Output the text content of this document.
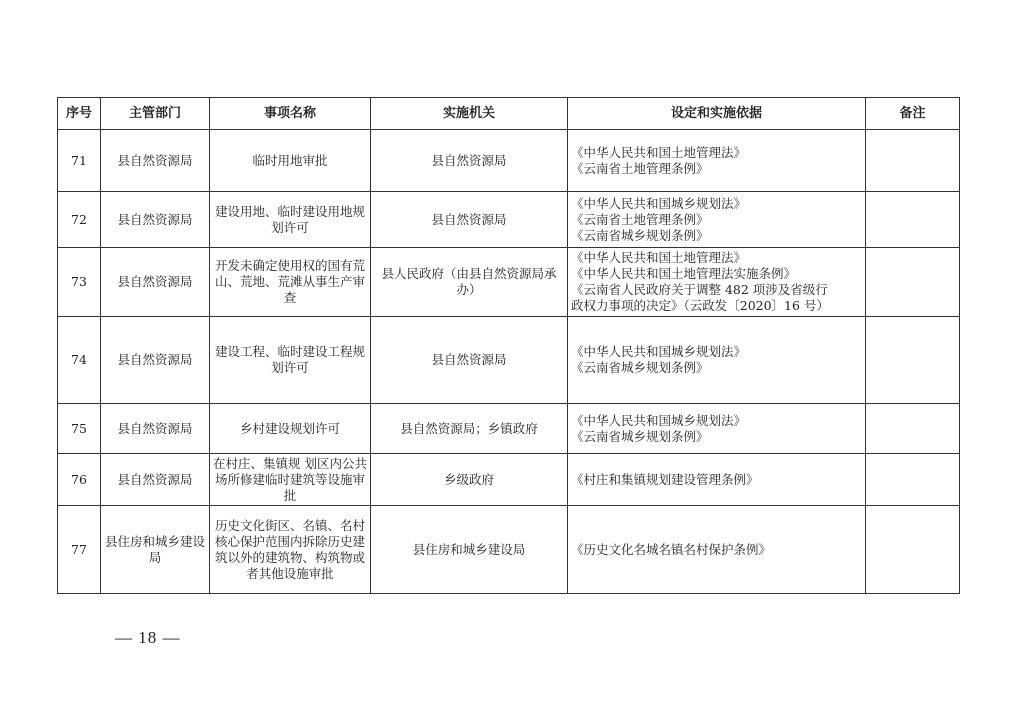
序号	主管部门	事项名称	实施机关	设定和实施依据	备注
71	县自然资源局	临时用地审批	县自然资源局	《中华人民共和国土地管理法》
《云南省土地管理条例》	

72	县自然资源局	建设用地、临时建设用地规划许可	县自然资源局	《中华人民共和国城乡规划法》
《云南省土地管理条例》
《云南省城乡规划条例》	

73	县自然资源局	开发未确定使用权的国有荒山、荒地、荒滩从事生产审查	县人民政府（由县自然资源局承办）	《中华人民共和国土地管理法》
《中华人民共和国土地管理法实施条例》
《云南省人民政府关于调整 482 项涉及省级行
政权力事项的决定》（云政发〔2020〕16 号）	

74	县自然资源局	建设工程、临时建设工程规划许可	县自然资源局	《中华人民共和国城乡规划法》
《云南省城乡规划条例》	

75	县自然资源局	乡村建设规划许可	县自然资源局；乡镇政府	《中华人民共和国城乡规划法》
《云南省城乡规划条例》	

76	县自然资源局	在村庄、集镇规 划区内公共场所修建临时建筑等设施审批	乡级政府	《村庄和集镇规划建设管理条例》	

77	县住房和城乡建设局	历史文化街区、名镇、名村核心保护范围内拆除历史建筑以外的建筑物、构筑物或者其他设施审批	县住房和城乡建设局	《历史文化名城名镇名村保护条例》	

— 18 —
